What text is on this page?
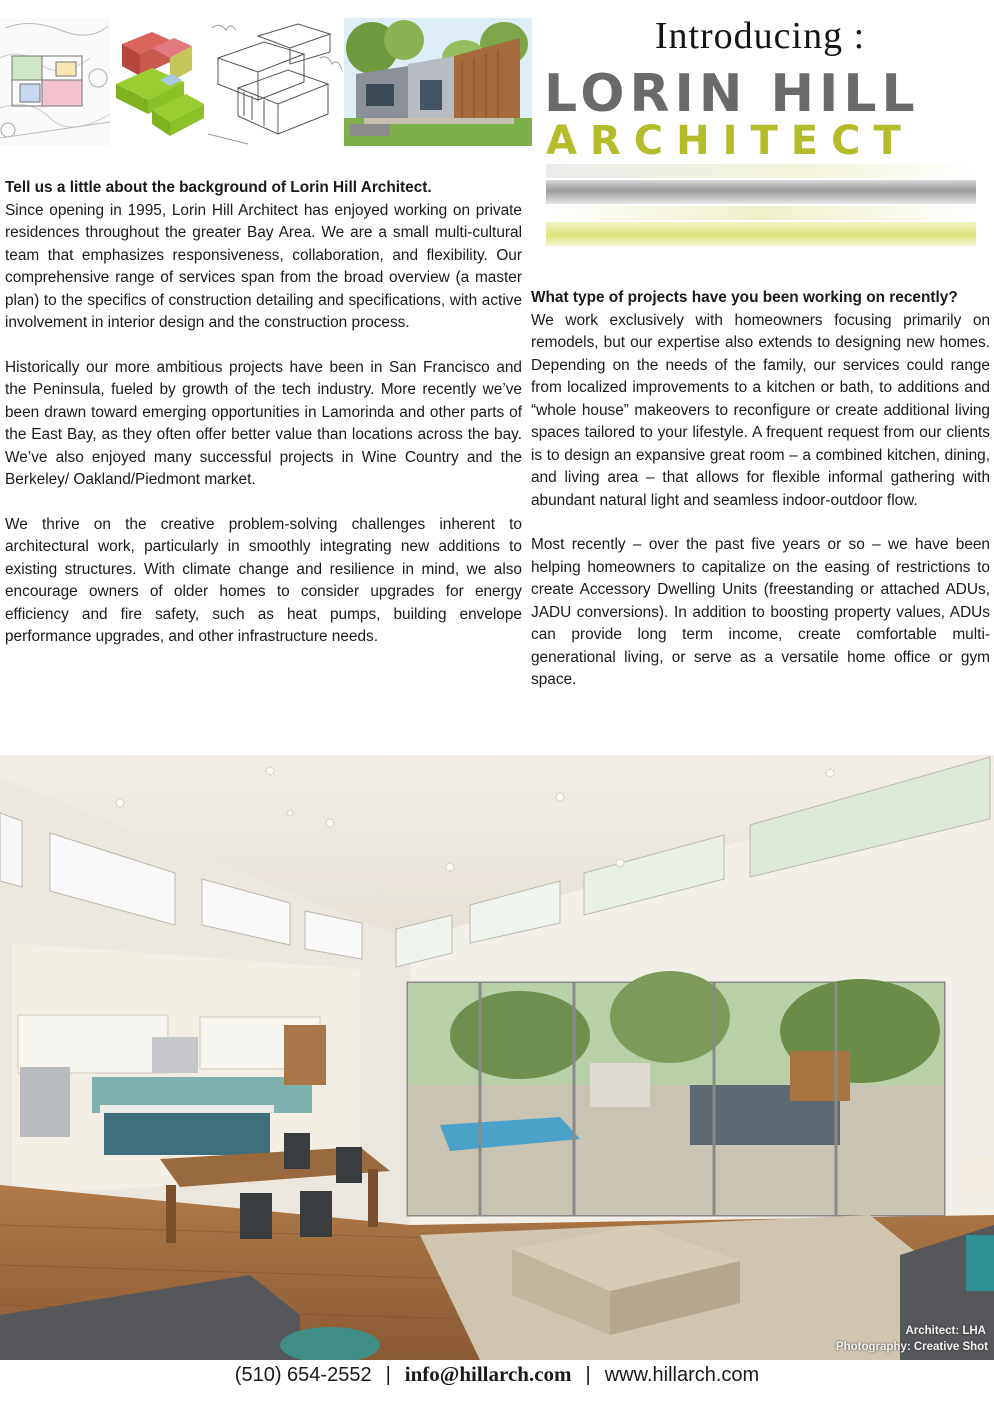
Introducing :
LORIN HILL
ARCHITECT

Tell us a little about the background of Lorin Hill Architect.

Since opening in 1995, Lorin Hill Architect has enjoyed working on private residences throughout the greater Bay Area. We are a small multi-cultural team that emphasizes responsiveness, collaboration, and flexibility. Our comprehensive range of services span from the broad overview (a master plan) to the specifics of construction detailing and specifications, with active involvement in interior design and the construction process.

Historically our more ambitious projects have been in San Francisco and the Peninsula, fueled by growth of the tech industry. More recently we’ve been drawn toward emerging opportunities in Lamorinda and other parts of the East Bay, as they often offer better value than locations across the bay. We’ve also enjoyed many successful projects in Wine Country and the Berkeley/ Oakland/Piedmont market.

We thrive on the creative problem-solving challenges inherent to architectural work, particularly in smoothly integrating new additions to existing structures. With climate change and resilience in mind, we also encourage owners of older homes to consider upgrades for energy efficiency and fire safety, such as heat pumps, building envelope performance upgrades, and other infrastructure needs.

What type of projects have you been working on recently?

We work exclusively with homeowners focusing primarily on remodels, but our expertise also extends to designing new homes. Depending on the needs of the family, our services could range from localized improvements to a kitchen or bath, to additions and “whole house” makeovers to reconfigure or create additional living spaces tailored to your lifestyle. A frequent request from our clients is to design an expansive great room – a combined kitchen, dining, and living area – that allows for flexible informal gathering with abundant natural light and seamless indoor-outdoor flow.

Most recently – over the past five years or so – we have been helping homeowners to capitalize on the easing of restrictions to create Accessory Dwelling Units (freestanding or attached ADUs, JADU conversions). In addition to boosting property values, ADUs can provide long term income, create comfortable multi-generational living, or serve as a versatile home office or gym space.

Architect: LHA
Photography: Creative Shot
(510) 654-2552 | info@hillarch.com | www.hillarch.com
